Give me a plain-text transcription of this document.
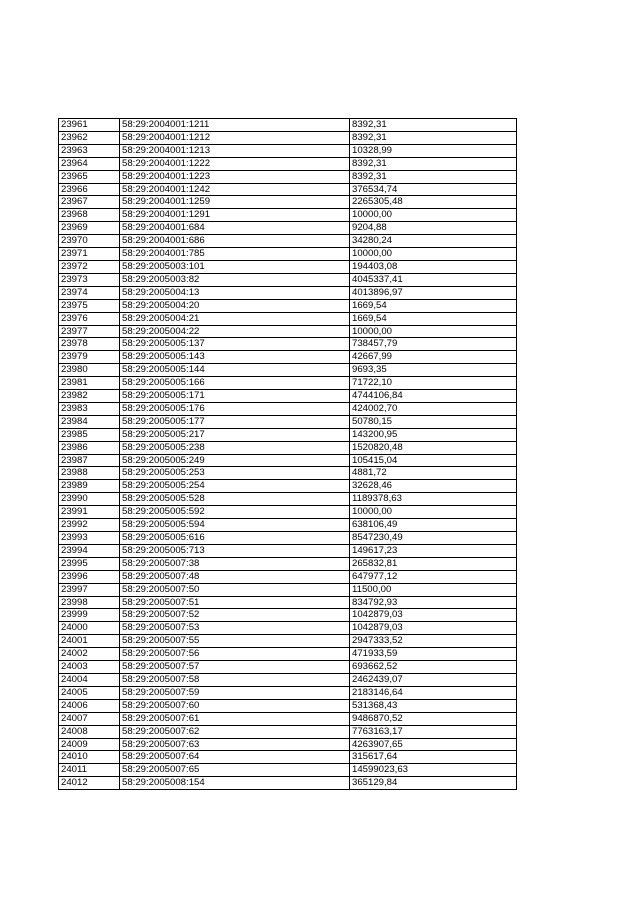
23961	58:29:2004001:1211	8392,31
23962	58:29:2004001:1212	8392,31
23963	58:29:2004001:1213	10328,99
23964	58:29:2004001:1222	8392,31
23965	58:29:2004001:1223	8392,31
23966	58:29:2004001:1242	376534,74
23967	58:29:2004001:1259	2265305,48
23968	58:29:2004001:1291	10000,00
23969	58:29:2004001:684	9204,88
23970	58:29:2004001:686	34280,24
23971	58:29:2004001:785	10000,00
23972	58:29:2005003:101	194403,08
23973	58:29:2005003:82	4045337,41
23974	58:29:2005004:13	4013896,97
23975	58:29:2005004:20	1669,54
23976	58:29:2005004:21	1669,54
23977	58:29:2005004:22	10000,00
23978	58:29:2005005:137	738457,79
23979	58:29:2005005:143	42667,99
23980	58:29:2005005:144	9693,35
23981	58:29:2005005:166	71722,10
23982	58:29:2005005:171	4744106,84
23983	58:29:2005005:176	424002,70
23984	58:29:2005005:177	50780,15
23985	58:29:2005005:217	143200,95
23986	58:29:2005005:238	1520820,48
23987	58:29:2005005:249	105415,04
23988	58:29:2005005:253	4881,72
23989	58:29:2005005:254	32628,46
23990	58:29:2005005:528	1189378,63
23991	58:29:2005005:592	10000,00
23992	58:29:2005005:594	638106,49
23993	58:29:2005005:616	8547230,49
23994	58:29:2005005:713	149617,23
23995	58:29:2005007:38	265832,81
23996	58:29:2005007:48	647977,12
23997	58:29:2005007:50	11500,00
23998	58:29:2005007:51	834792,93
23999	58:29:2005007:52	1042879,03
24000	58:29:2005007:53	1042879,03
24001	58:29:2005007:55	2947333,52
24002	58:29:2005007:56	471933,59
24003	58:29:2005007:57	693662,52
24004	58:29:2005007:58	2462439,07
24005	58:29:2005007:59	2183146,64
24006	58:29:2005007:60	531368,43
24007	58:29:2005007:61	9486870,52
24008	58:29:2005007:62	7763163,17
24009	58:29:2005007:63	4263907,65
24010	58:29:2005007:64	315617,64
24011	58:29:2005007:65	14599023,63
24012	58:29:2005008:154	365129,84
